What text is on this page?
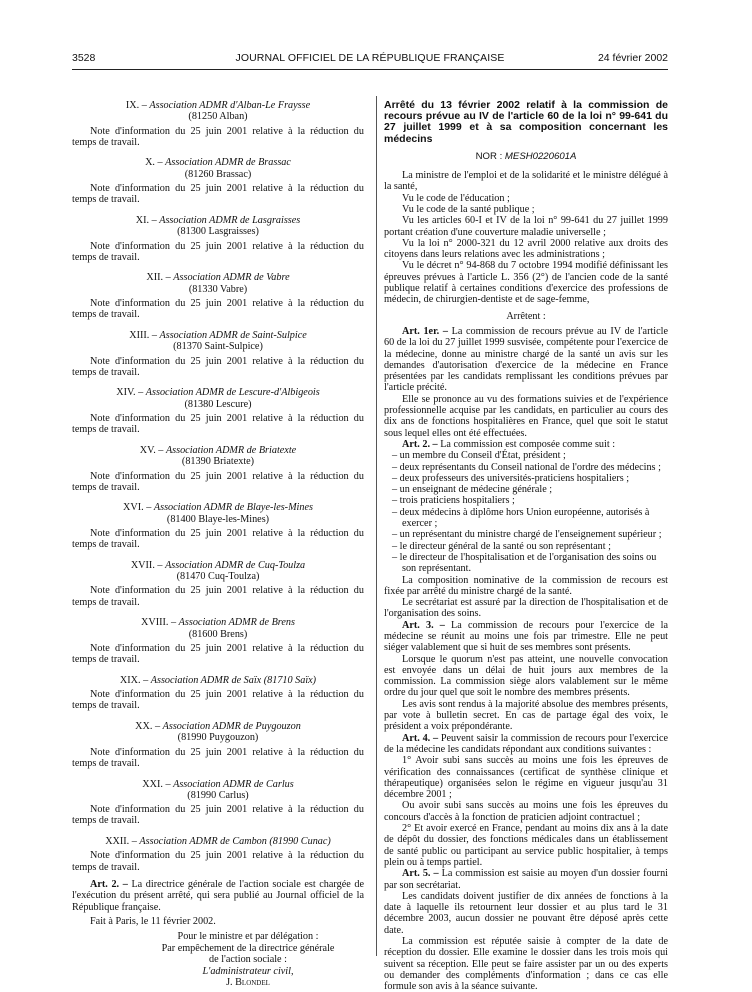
3528	JOURNAL OFFICIEL DE LA RÉPUBLIQUE FRANÇAISE	24 février 2002
IX. – Association ADMR d'Alban-Le Fraysse
(81250 Alban)
Note d'information du 25 juin 2001 relative à la réduction du temps de travail.
X. – Association ADMR de Brassac
(81260 Brassac)
Note d'information du 25 juin 2001 relative à la réduction du temps de travail.
XI. – Association ADMR de Lasgraisses
(81300 Lasgraisses)
Note d'information du 25 juin 2001 relative à la réduction du temps de travail.
XII. – Association ADMR de Vabre
(81330 Vabre)
Note d'information du 25 juin 2001 relative à la réduction du temps de travail.
XIII. – Association ADMR de Saint-Sulpice
(81370 Saint-Sulpice)
Note d'information du 25 juin 2001 relative à la réduction du temps de travail.
XIV. – Association ADMR de Lescure-d'Albigeois
(81380 Lescure)
Note d'information du 25 juin 2001 relative à la réduction du temps de travail.
XV. – Association ADMR de Briatexte
(81390 Briatexte)
Note d'information du 25 juin 2001 relative à la réduction du temps de travail.
XVI. – Association ADMR de Blaye-les-Mines
(81400 Blaye-les-Mines)
Note d'information du 25 juin 2001 relative à la réduction du temps de travail.
XVII. – Association ADMR de Cuq-Toulza
(81470 Cuq-Toulza)
Note d'information du 25 juin 2001 relative à la réduction du temps de travail.
XVIII. – Association ADMR de Brens
(81600 Brens)
Note d'information du 25 juin 2001 relative à la réduction du temps de travail.
XIX. – Association ADMR de Saïx (81710 Saïx)
Note d'information du 25 juin 2001 relative à la réduction du temps de travail.
XX. – Association ADMR de Puygouzon
(81990 Puygouzon)
Note d'information du 25 juin 2001 relative à la réduction du temps de travail.
XXI. – Association ADMR de Carlus
(81990 Carlus)
Note d'information du 25 juin 2001 relative à la réduction du temps de travail.
XXII. – Association ADMR de Cambon (81990 Cunac)
Note d'information du 25 juin 2001 relative à la réduction du temps de travail.

Art. 2. – La directrice générale de l'action sociale est chargée de l'exécution du présent arrêté, qui sera publié au Journal officiel de la République française.

Fait à Paris, le 11 février 2002.

Pour le ministre et par délégation :
Par empêchement de la directrice générale
de l'action sociale :
L'administrateur civil,
J. Blondel
Arrêté du 13 février 2002 relatif à la commission de recours prévue au IV de l'article 60 de la loi n° 99-641 du 27 juillet 1999 et à sa composition concernant les médecins
NOR : MESH0220601A

La ministre de l'emploi et de la solidarité et le ministre délégué à la santé,

Vu le code de l'éducation ;

Vu le code de la santé publique ;

Vu les articles 60-I et IV de la loi n° 99-641 du 27 juillet 1999 portant création d'une couverture maladie universelle ;

Vu la loi n° 2000-321 du 12 avril 2000 relative aux droits des citoyens dans leurs relations avec les administrations ;

Vu le décret n° 94-868 du 7 octobre 1994 modifié définissant les épreuves prévues à l'article L. 356 (2°) de l'ancien code de la santé publique relatif à certaines conditions d'exercice des professions de médecin, de chirurgien-dentiste et de sage-femme,

Arrêtent :

Art. 1er. – La commission de recours prévue au IV de l'article 60 de la loi du 27 juillet 1999 susvisée, compétente pour l'exercice de la médecine, donne au ministre chargé de la santé un avis sur les demandes d'autorisation d'exercice de la médecine en France présentées par les candidats remplissant les conditions prévues par l'article précité.

Elle se prononce au vu des formations suivies et de l'expérience professionnelle acquise par les candidats, en particulier au cours des dix ans de fonctions hospitalières en France, quel que soit le statut sous lequel elles ont été effectuées.

Art. 2. – La commission est composée comme suit :

– un membre du Conseil d'État, président ;
– deux représentants du Conseil national de l'ordre des médecins ;
– deux professeurs des universités-praticiens hospitaliers ;
– un enseignant de médecine générale ;
– trois praticiens hospitaliers ;
– deux médecins à diplôme hors Union européenne, autorisés à exercer ;
– un représentant du ministre chargé de l'enseignement supérieur ;
– le directeur général de la santé ou son représentant ;
– le directeur de l'hospitalisation et de l'organisation des soins ou son représentant.

La composition nominative de la commission de recours est fixée par arrêté du ministre chargé de la santé.

Le secrétariat est assuré par la direction de l'hospitalisation et de l'organisation des soins.

Art. 3. – La commission de recours pour l'exercice de la médecine se réunit au moins une fois par trimestre. Elle ne peut siéger valablement que si huit de ses membres sont présents.

Lorsque le quorum n'est pas atteint, une nouvelle convocation est envoyée dans un délai de huit jours aux membres de la commission. La commission siège alors valablement sur le même ordre du jour quel que soit le nombre des membres présents.

Les avis sont rendus à la majorité absolue des membres présents, par vote à bulletin secret. En cas de partage égal des voix, le président a voix prépondérante.

Art. 4. – Peuvent saisir la commission de recours pour l'exercice de la médecine les candidats répondant aux conditions suivantes :

1° Avoir subi sans succès au moins une fois les épreuves de vérification des connaissances (certificat de synthèse clinique et thérapeutique) organisées selon le régime en vigueur jusqu'au 31 décembre 2001 ;

Ou avoir subi sans succès au moins une fois les épreuves du concours d'accès à la fonction de praticien adjoint contractuel ;

2° Et avoir exercé en France, pendant au moins dix ans à la date de dépôt du dossier, des fonctions médicales dans un établissement de santé public ou participant au service public hospitalier, à temps plein ou à temps partiel.

Art. 5. – La commission est saisie au moyen d'un dossier fourni par son secrétariat.

Les candidats doivent justifier de dix années de fonctions à la date à laquelle ils retournent leur dossier et au plus tard le 31 décembre 2003, aucun dossier ne pouvant être déposé après cette date.

La commission est réputée saisie à compter de la date de réception du dossier. Elle examine le dossier dans les trois mois qui suivent sa réception. Elle peut se faire assister par un ou des experts ou demander des compléments d'information ; dans ce cas elle formule son avis à la séance suivante.
